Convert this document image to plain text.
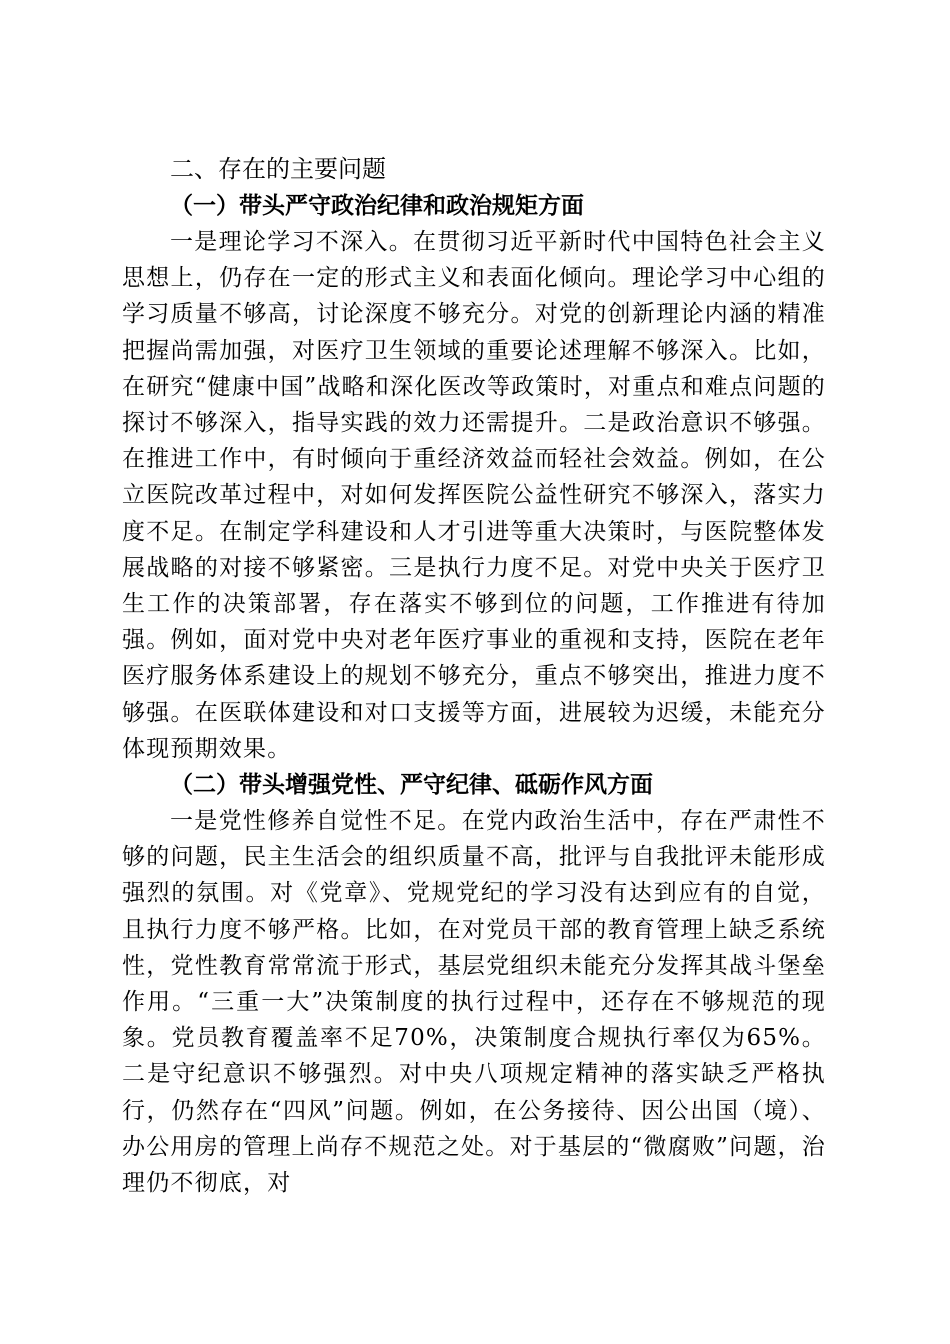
二、存在的主要问题
（一）带头严守政治纪律和政治规矩方面

一是理论学习不深入。在贯彻习近平新时代中国特色社会主义思想上，仍存在一定的形式主义和表面化倾向。理论学习中心组的学习质量不够高，讨论深度不够充分。对党的创新理论内涵的精准把握尚需加强，对医疗卫生领域的重要论述理解不够深入。比如，在研究“健康中国”战略和深化医改等政策时，对重点和难点问题的探讨不够深入，指导实践的效力还需提升。二是政治意识不够强。在推进工作中，有时倾向于重经济效益而轻社会效益。例如，在公立医院改革过程中，对如何发挥医院公益性研究不够深入，落实力度不足。在制定学科建设和人才引进等重大决策时，与医院整体发展战略的对接不够紧密。三是执行力度不足。对党中央关于医疗卫生工作的决策部署，存在落实不够到位的问题，工作推进有待加强。例如，面对党中央对老年医疗事业的重视和支持，医院在老年医疗服务体系建设上的规划不够充分，重点不够突出，推进力度不够强。在医联体建设和对口支援等方面，进展较为迟缓，未能充分体现预期效果。

（二）带头增强党性、严守纪律、砥砺作风方面

一是党性修养自觉性不足。在党内政治生活中，存在严肃性不够的问题，民主生活会的组织质量不高，批评与自我批评未能形成强烈的氛围。对《党章》、党规党纪的学习没有达到应有的自觉，且执行力度不够严格。比如，在对党员干部的教育管理上缺乏系统性，党性教育常常流于形式，基层党组织未能充分发挥其战斗堡垒作用。“三重一大”决策制度的执行过程中，还存在不够规范的现象。党员教育覆盖率不足70%，决策制度合规执行率仅为65%。二是守纪意识不够强烈。对中央八项规定精神的落实缺乏严格执行，仍然存在“四风”问题。例如，在公务接待、因公出国（境）、办公用房的管理上尚存不规范之处。对于基层的“微腐败”问题，治理仍不彻底，对
